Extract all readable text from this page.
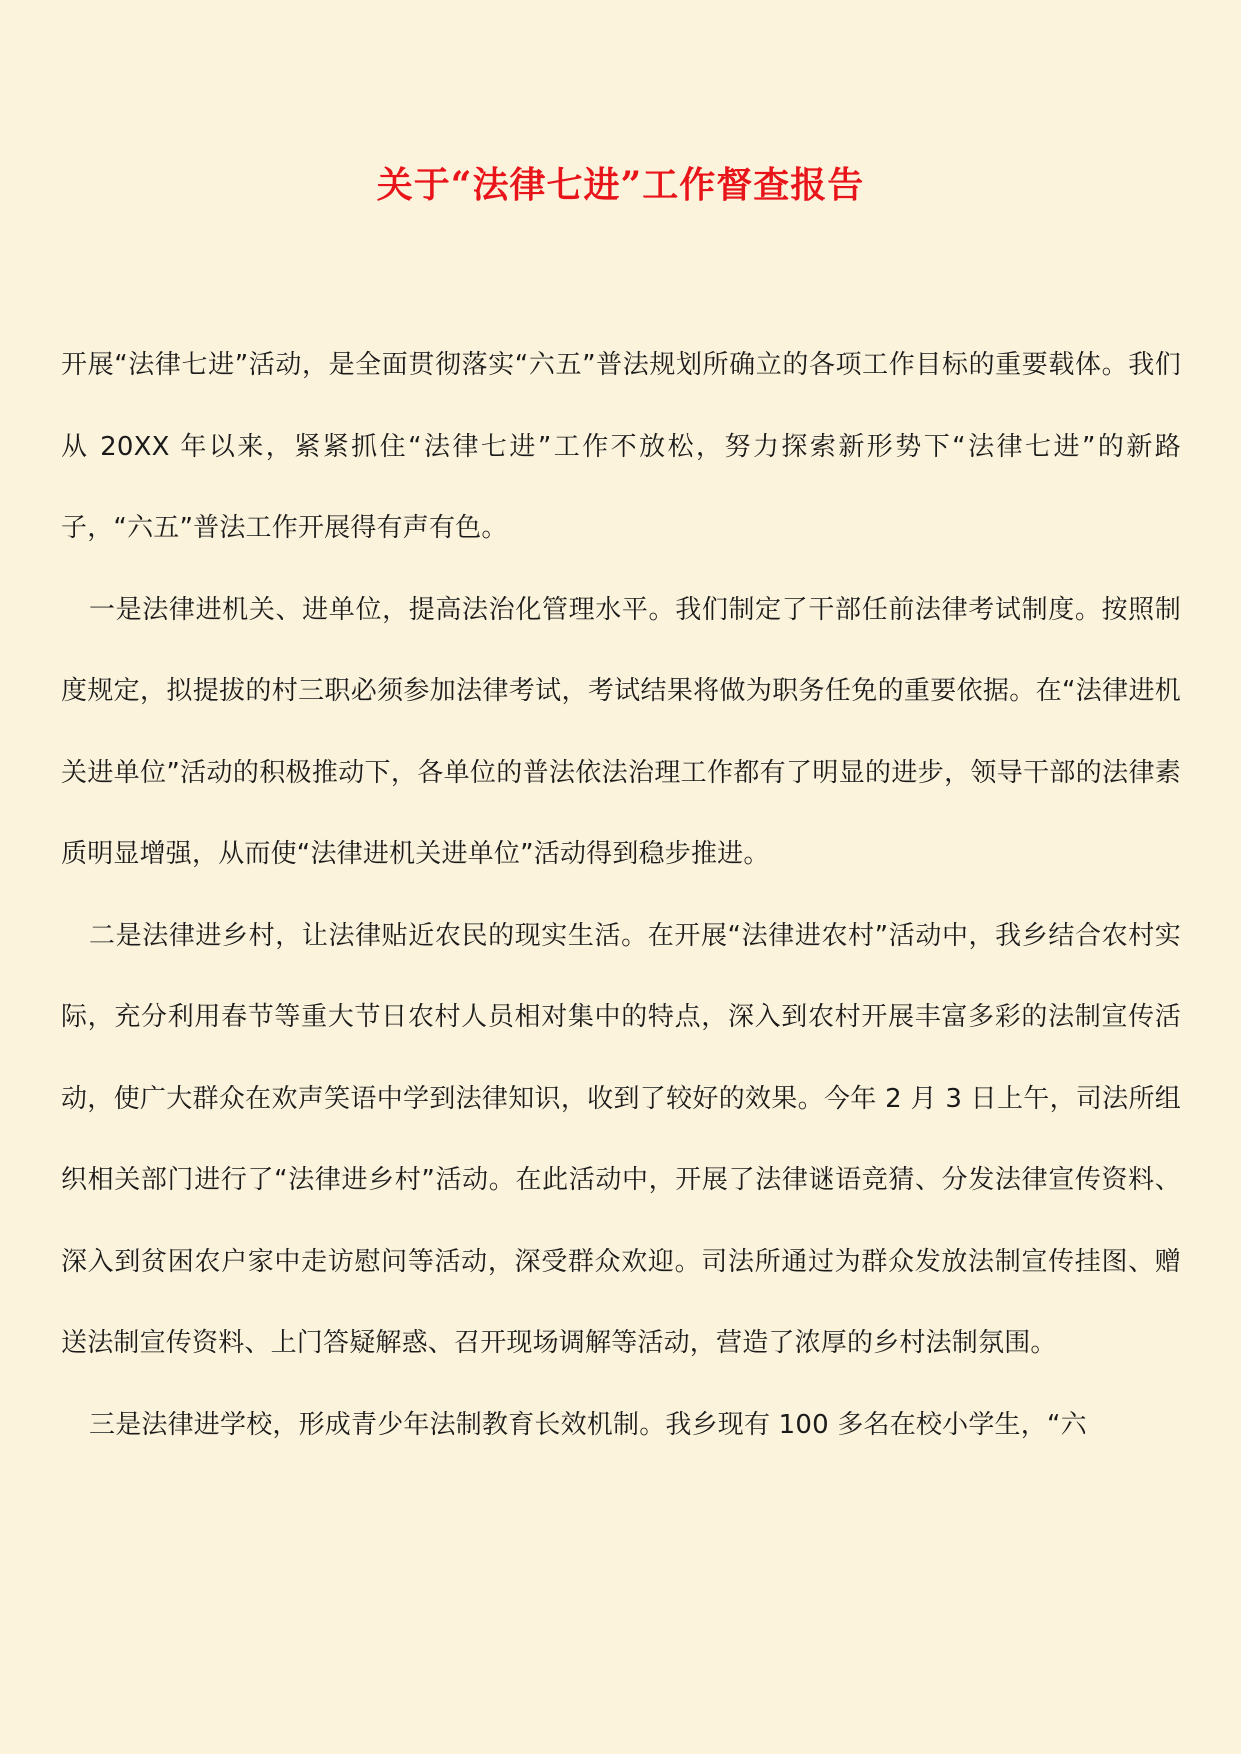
关于“法律七进”工作督查报告

开展“法律七进”活动，是全面贯彻落实“六五”普法规划所确立的各项工作目标的重要载体。我们从 20XX 年以来，紧紧抓住“法律七进”工作不放松，努力探索新形势下“法律七进”的新路子，“六五”普法工作开展得有声有色。

一是法律进机关、进单位，提高法治化管理水平。我们制定了干部任前法律考试制度。按照制度规定，拟提拔的村三职必须参加法律考试，考试结果将做为职务任免的重要依据。在“法律进机关进单位”活动的积极推动下，各单位的普法依法治理工作都有了明显的进步，领导干部的法律素质明显增强，从而使“法律进机关进单位”活动得到稳步推进。

二是法律进乡村，让法律贴近农民的现实生活。在开展“法律进农村”活动中，我乡结合农村实际，充分利用春节等重大节日农村人员相对集中的特点，深入到农村开展丰富多彩的法制宣传活动，使广大群众在欢声笑语中学到法律知识，收到了较好的效果。今年 2 月 3 日上午，司法所组织相关部门进行了“法律进乡村”活动。在此活动中，开展了法律谜语竞猜、分发法律宣传资料、深入到贫困农户家中走访慰问等活动，深受群众欢迎。司法所通过为群众发放法制宣传挂图、赠送法制宣传资料、上门答疑解惑、召开现场调解等活动，营造了浓厚的乡村法制氛围。

三是法律进学校，形成青少年法制教育长效机制。我乡现有 100 多名在校小学生，“六
